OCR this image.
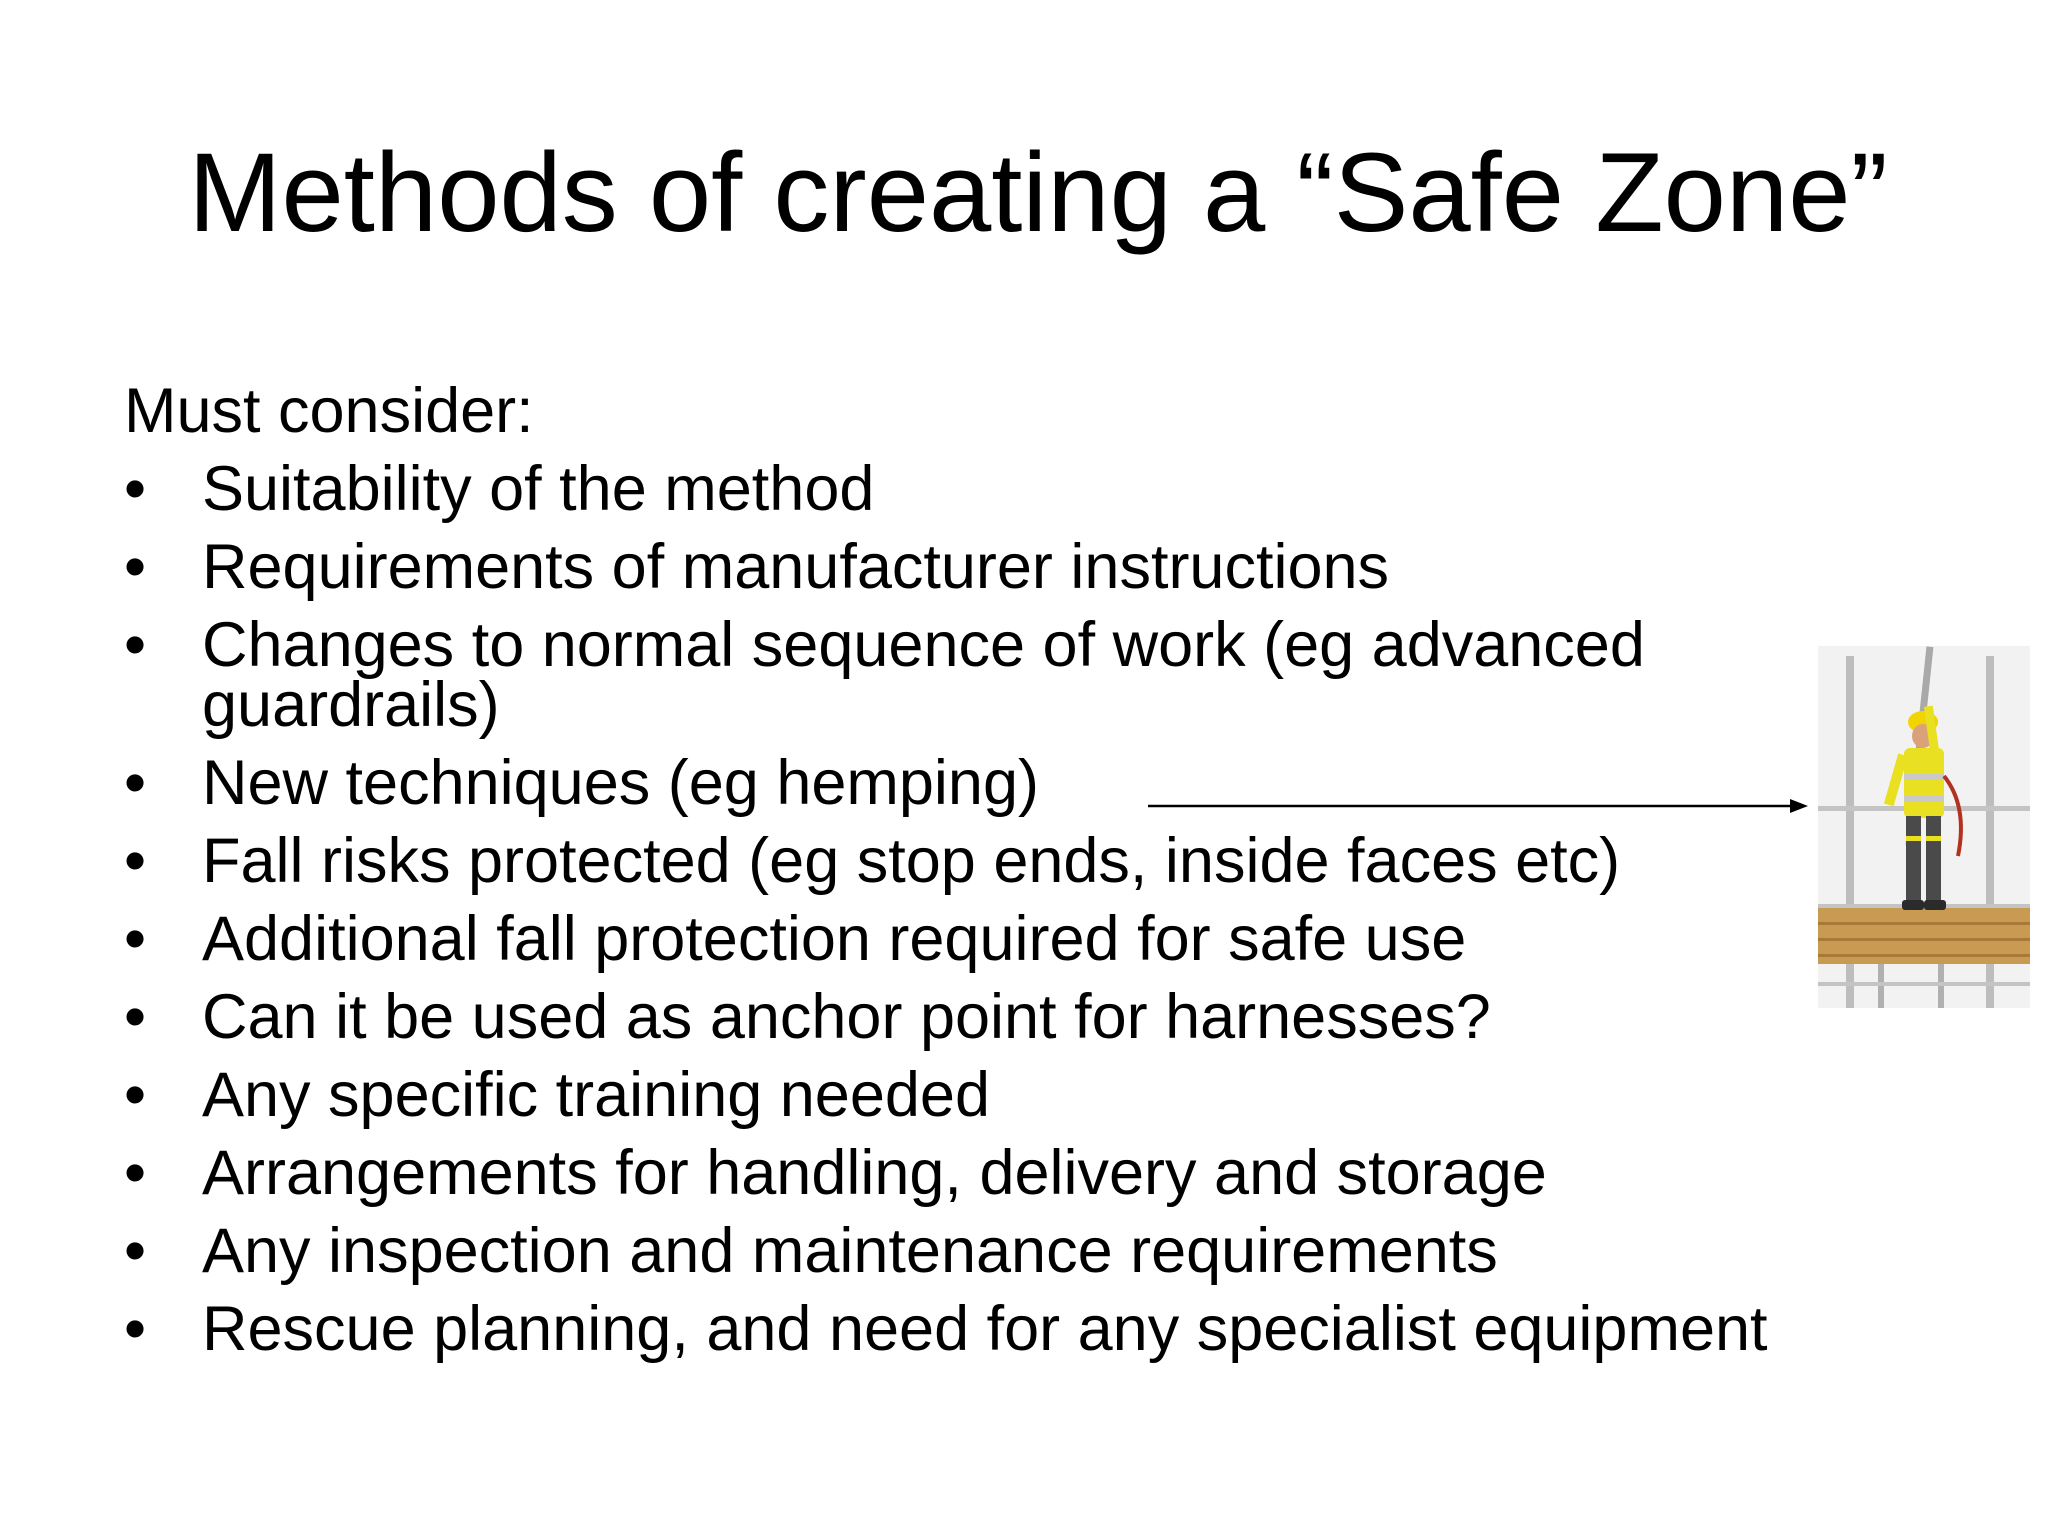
Methods of creating a “Safe Zone”

Must consider:

• Suitability of the method
• Requirements of manufacturer instructions
• Changes to normal sequence of work (eg advanced guardrails)
• New techniques (eg hemping)
• Fall risks protected (eg stop ends, inside faces etc)
• Additional fall protection required for safe use
• Can it be used as anchor point for harnesses?
• Any specific training needed
• Arrangements for handling, delivery and storage
• Any inspection and maintenance requirements
• Rescue planning, and need for any specialist equipment
